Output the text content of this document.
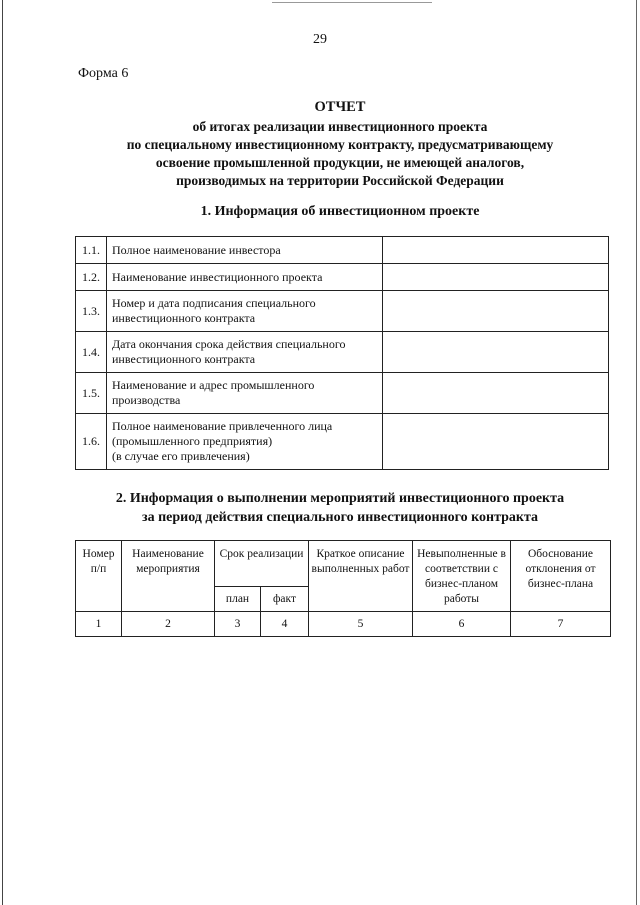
29
Форма 6
ОТЧЕТ
об итогах реализации инвестиционного проекта
по специальному инвестиционному контракту, предусматривающему
освоение промышленной продукции, не имеющей аналогов,
производимых на территории Российской Федерации
1. Информация об инвестиционном проекте
1.1.	Полное наименование инвестора	
1.2.	Наименование инвестиционного проекта	
1.3.	Номер и дата подписания специального инвестиционного контракта	
1.4.	Дата окончания срока действия специального инвестиционного контракта	
1.5.	Наименование и адрес промышленного производства	
1.6.	Полное наименование привлеченного лица
(промышленного предприятия)
(в случае его привлечения)	

2. Информация о выполнении мероприятий инвестиционного проекта
за период действия специального инвестиционного контракта
Номер п/п	Наименование мероприятия	Срок реализации		Краткое описание выполненных работ	Невыполненные в соответствии с бизнес-планом работы	Обоснование отклонения от бизнес-плана
		план	факт			
1	2	3	4	5	6	7
